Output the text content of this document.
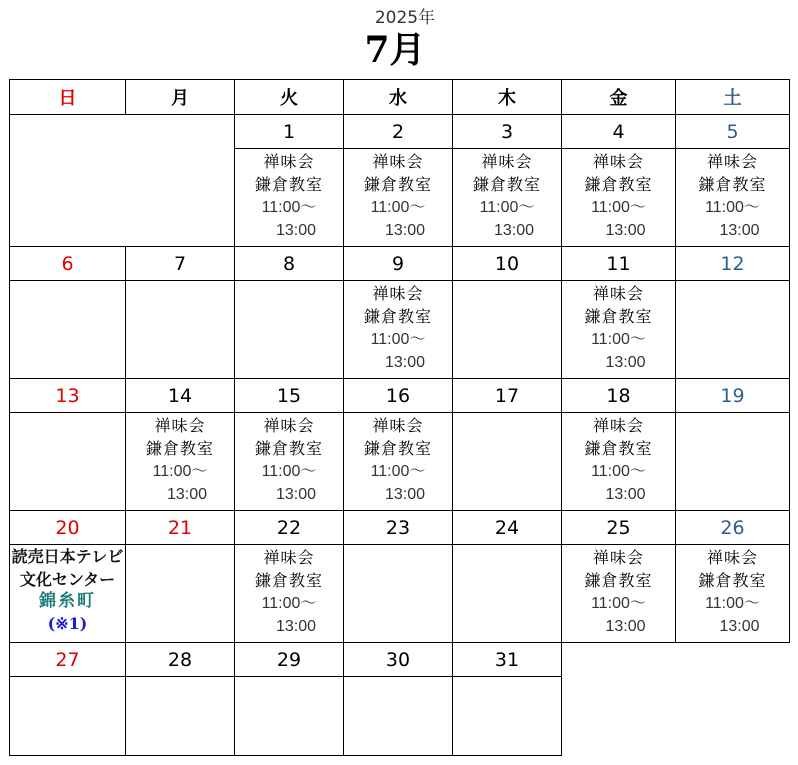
2025年
7月
日	月	火	水	木	金	土
		1	2	3	4	5

		禅味会
鎌倉教室
11:00〜
13:00	禅味会
鎌倉教室
11:00〜
13:00	禅味会
鎌倉教室
11:00〜
13:00	禅味会
鎌倉教室
11:00〜
13:00	禅味会
鎌倉教室
11:00〜
13:00

6	7	8	9	10	11	12

			禅味会
鎌倉教室
11:00〜
13:00		禅味会
鎌倉教室
11:00〜
13:00	

13	14	15	16	17	18	19

	禅味会
鎌倉教室
11:00〜
13:00	禅味会
鎌倉教室
11:00〜
13:00	禅味会
鎌倉教室
11:00〜
13:00		禅味会
鎌倉教室
11:00〜
13:00	

20	21	22	23	24	25	26

読売日本テレビ
文化センター
錦糸町
(※1)		禅味会
鎌倉教室
11:00〜
13:00			禅味会
鎌倉教室
11:00〜
13:00	禅味会
鎌倉教室
11:00〜
13:00

27	28	29	30	31		
